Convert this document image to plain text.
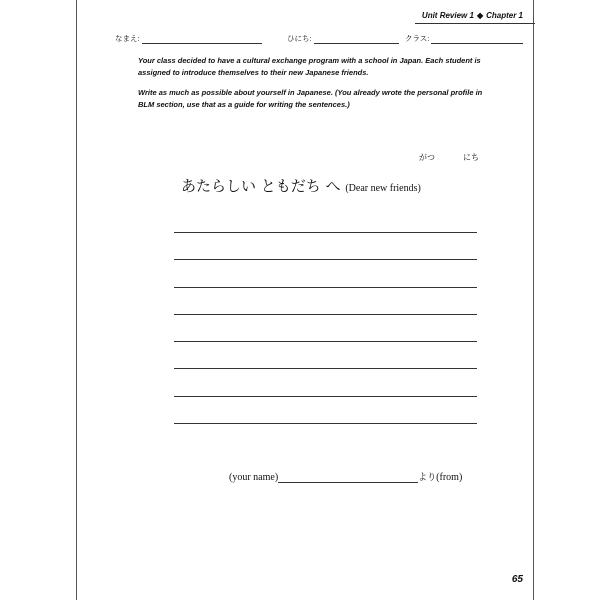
Unit Review 1 ◆ Chapter 1
なまえ:	ひにち:	クラス:
Your class decided to have a cultural exchange program with a school in Japan. Each student is assigned to introduce themselves to their new Japanese friends.
Write as much as possible about yourself in Japanese. (You already wrote the personal profile in BLM section, use that as a guide for writing the sentences.)
がつ	にち
あたらしい ともだち へ (Dear new friends)
(your name)	より(from)
65
